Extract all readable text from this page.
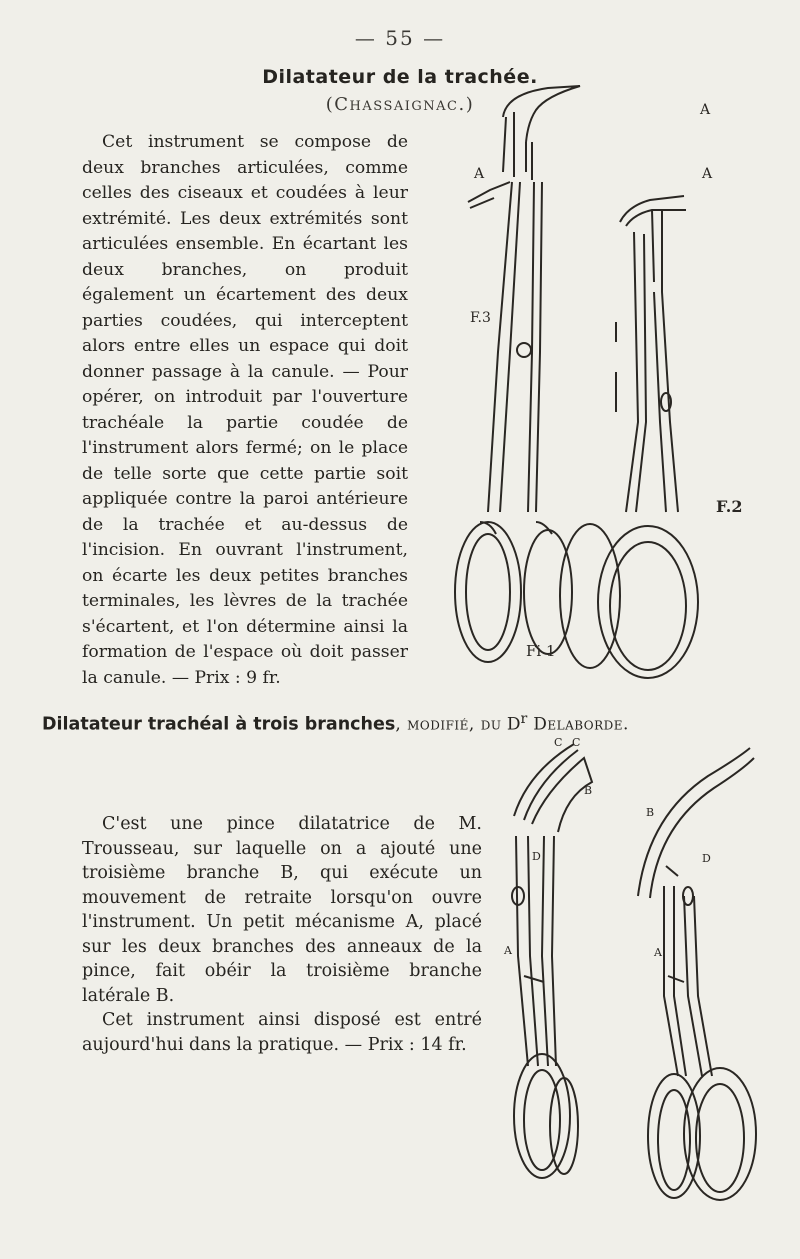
— 55 —
Dilatateur de la trachée.
(Chassaignac.)

Cet instrument se compose de deux branches articulées, comme celles des ciseaux et coudées à leur extrémité. Les deux extrémités sont articulées ensemble. En écartant les deux branches, on produit également un écartement des deux parties coudées, qui interceptent alors entre elles un espace qui doit donner passage à la canule. — Pour opérer, on introduit par l'ouverture trachéale la partie coudée de l'instrument alors fermé; on le place de telle sorte que cette partie soit appliquée contre la paroi antérieure de la trachée et au-dessus de l'incision. En ouvrant l'instrument, on écarte les deux petites branches terminales, les lèvres de la trachée s'écartent, et l'on détermine ainsi la formation de l'espace où doit passer la canule. — Prix : 9 fr.

A
A	A
F.3
F.2
Fi 1
Dilatateur trachéal à trois branches, modifié, du $D^r$ Delaborde.

C'est une pince dilatatrice de M. Trousseau, sur laquelle on a ajouté une troisième branche B, qui exécute un mouvement de retraite lorsqu'on ouvre l'instrument. Un petit mécanisme A, placé sur les deux branches des anneaux de la pince, fait obéir la troisième branche latérale B.

Cet instrument ainsi disposé est entré aujourd'hui dans la pratique. — Prix : 14 fr.

C C
B
B
D	D
A	A
